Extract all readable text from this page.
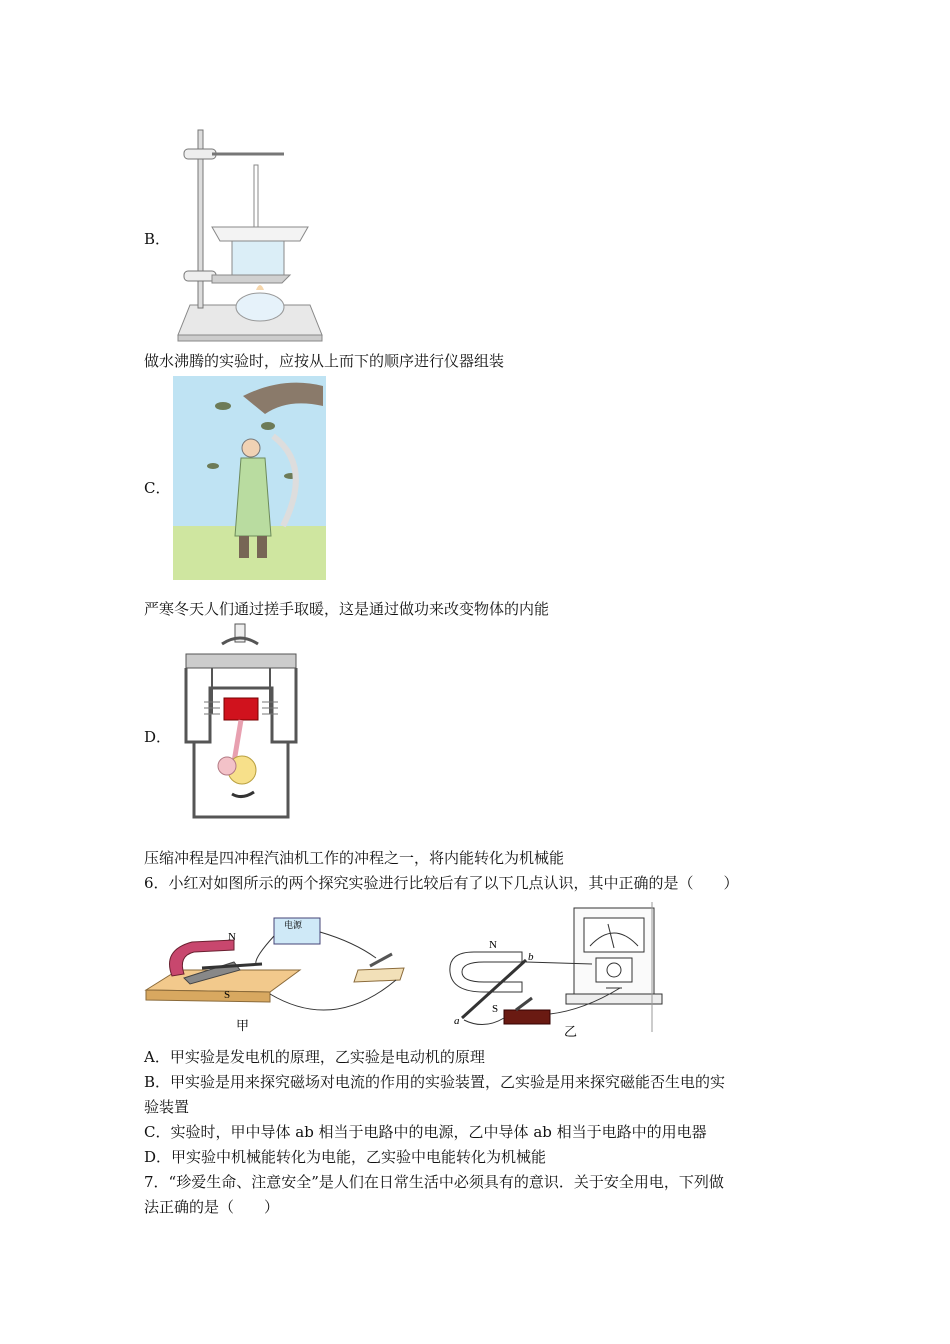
B．
做水沸腾的实验时，应按从上而下的顺序进行仪器组装
C．
严寒冬天人们通过搓手取暖，这是通过做功来改变物体的内能
D．
压缩冲程是四冲程汽油机工作的冲程之一，将内能转化为机械能
6．小红对如图所示的两个探究实验进行比较后有了以下几点认识，其中正确的是（　　）
N
S
电源
甲
N
S
a
b
乙
A．甲实验是发电机的原理，乙实验是电动机的原理
B．甲实验是用来探究磁场对电流的作用的实验装置，乙实验是用来探究磁能否生电的实
验装置
C．实验时，甲中导体 ab 相当于电路中的电源，乙中导体 ab 相当于电路中的用电器
D．甲实验中机械能转化为电能，乙实验中电能转化为机械能
7．“珍爱生命、注意安全”是人们在日常生活中必须具有的意识．关于安全用电，下列做
法正确的是（　　）
